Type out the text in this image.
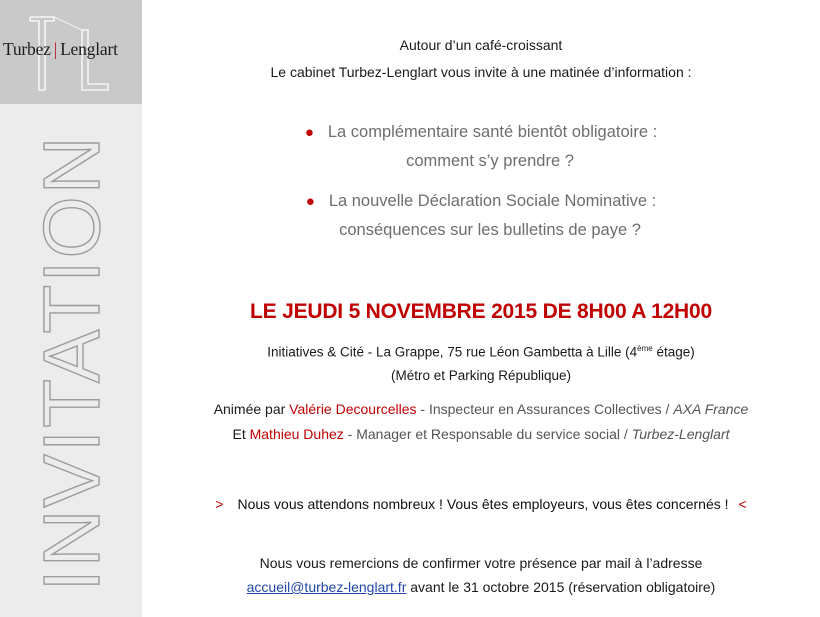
Turbez | Lenglart
INVITATION
Autour d’un café-croissant
Le cabinet Turbez-Lenglart vous invite à une matinée d’information :
● La complémentaire santé bientôt obligatoire :
comment s’y prendre ?
● La nouvelle Déclaration Sociale Nominative :
conséquences sur les bulletins de paye ?
LE JEUDI 5 NOVEMBRE 2015 DE 8H00 A 12H00
Initiatives & Cité - La Grappe, 75 rue Léon Gambetta à Lille (4ème étage)
(Métro et Parking République)
Animée par Valérie Decourcelles - Inspecteur en Assurances Collectives / AXA France
Et Mathieu Duhez - Manager et Responsable du service social / Turbez-Lenglart
> Nous vous attendons nombreux ! Vous êtes employeurs, vous êtes concernés ! <
Nous vous remercions de confirmer votre présence par mail à l’adresse
accueil@turbez-lenglart.fr avant le 31 octobre 2015 (réservation obligatoire)
